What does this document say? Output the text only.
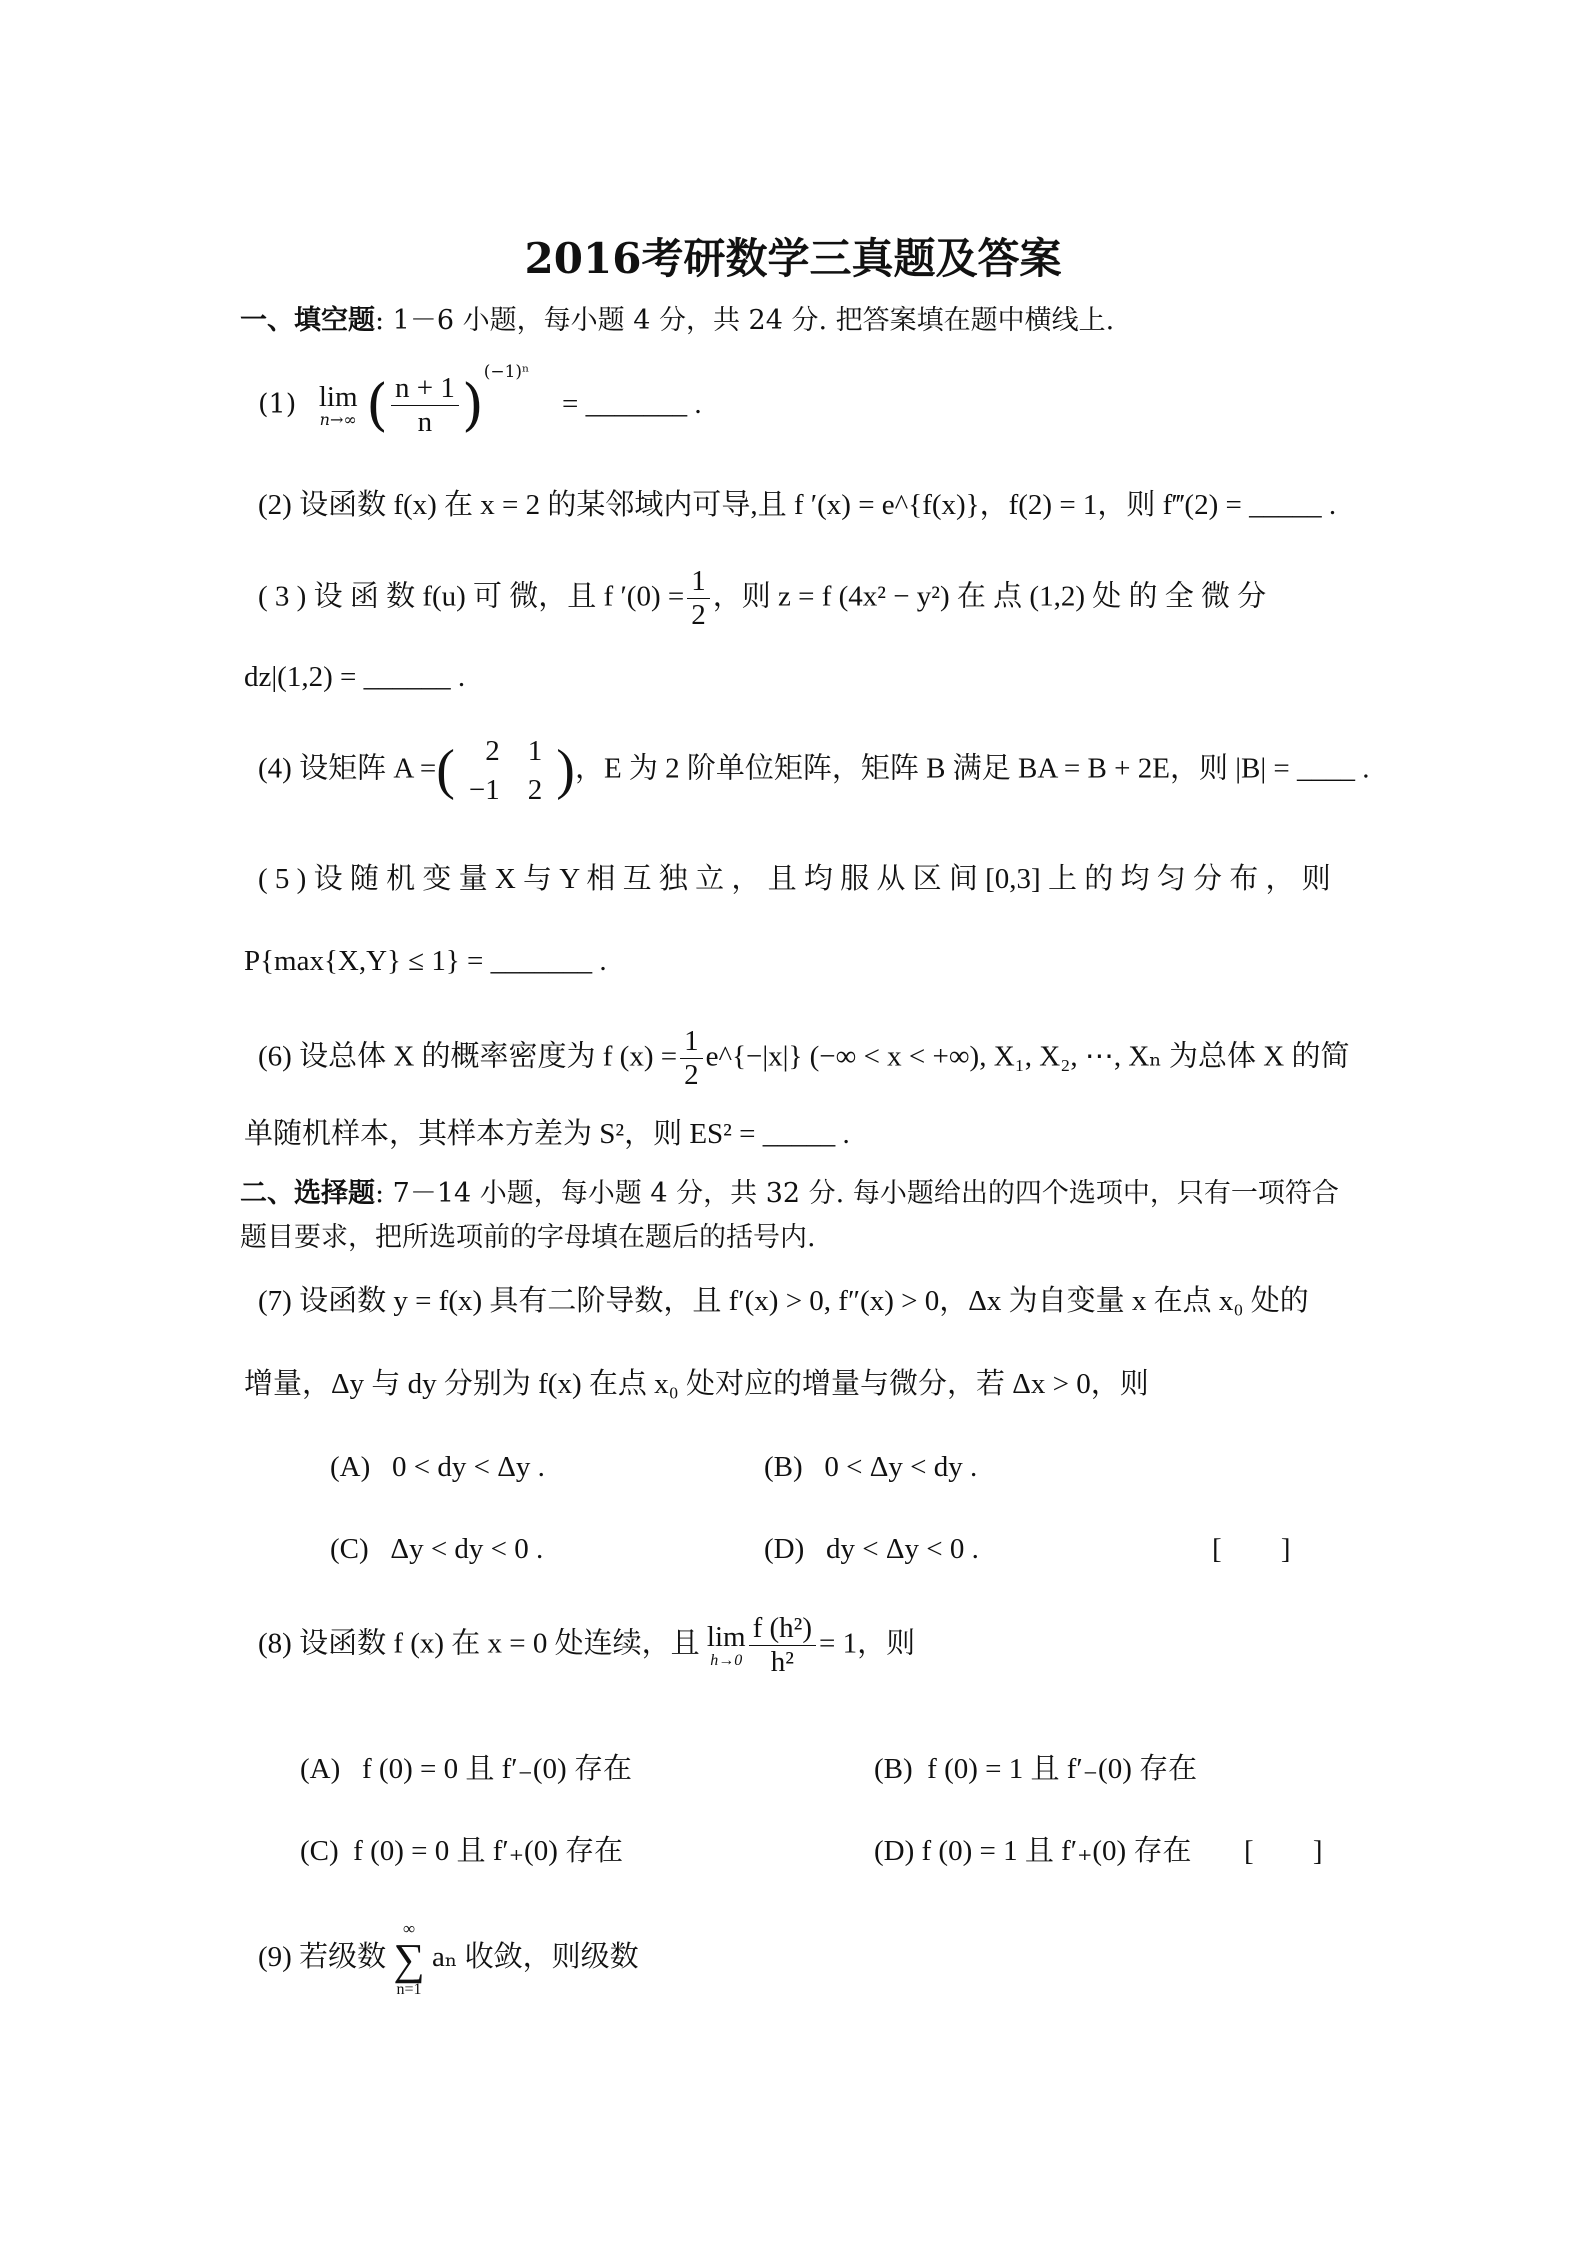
2016考研数学三真题及答案
一、填空题: 1－6 小题，每小题 4 分，共 24 分. 把答案填在题中横线上.
(1) lim
n→∞ ( $\frac{n + 1}{n} )^{(-1)^n}$ = _______ .
(2) 设函数 f(x) 在 x = 2 的某邻域内可导,且 f ′(x) = e^{f(x)}，f(2) = 1，则 f‴(2) = _____ .
( 3 ) 设 函 数 f(u) 可 微，且 f $'(0) = \frac{1}{2}$ ，则 z = f (4x² − y²) 在 点 (1,2) 处 的 全 微 分
dz|(1,2) = ______ .
(4) 设矩阵 A =( 2	1
−1	2 )，E 为 2 阶单位矩阵，矩阵 B 满足 BA = B + 2E，则 |B| = ____ .
( 5 ) 设 随 机 变 量 X 与 Y 相 互 独 立 ， 且 均 服 从 区 间 [0,3] 上 的 均 匀 分 布 ， 则
P{max{X,Y} ≤ 1} = _______ .
(6) 设总体 X 的概率密度为 f $(x) = \frac{1}{2}$ e^{−|x|} (−∞ < x < +∞), X₁, X₂, ⋯, Xₙ 为总体 X 的简
单随机样本，其样本方差为 S²，则 ES² = _____ .
二、选择题: 7－14 小题，每小题 4 分，共 32 分. 每小题给出的四个选项中，只有一项符合
题目要求，把所选项前的字母填在题后的括号内.
(7) 设函数 y = f(x) 具有二阶导数，且 f′(x) > 0, f″(x) > 0，Δx 为自变量 x 在点 x₀ 处的
增量，Δy 与 dy 分别为 f(x) 在点 x₀ 处对应的增量与微分，若 Δx > 0，则
(A) 0 < dy < Δy .	(B) 0 < Δy < dy .
(C) Δy < dy < 0 .	(D) dy < Δy < 0 .	[ ]
(8) 设函数 f (x) 在 x = 0 处连续，且 lim
$h\to 0 \frac{\text{f (h²)}}{\text{h²}} = 1$，则
(A) f (0) = 0 且 f′₋(0) 存在	(B) f (0) = 1 且 f′₋(0) 存在
(C) f (0) = 0 且 f′₊(0) 存在	(D) f (0) = 1 且 f′₊(0) 存在 [ ]
(9) 若级数
∞
∑
n=1
aₙ 收敛，则级数
